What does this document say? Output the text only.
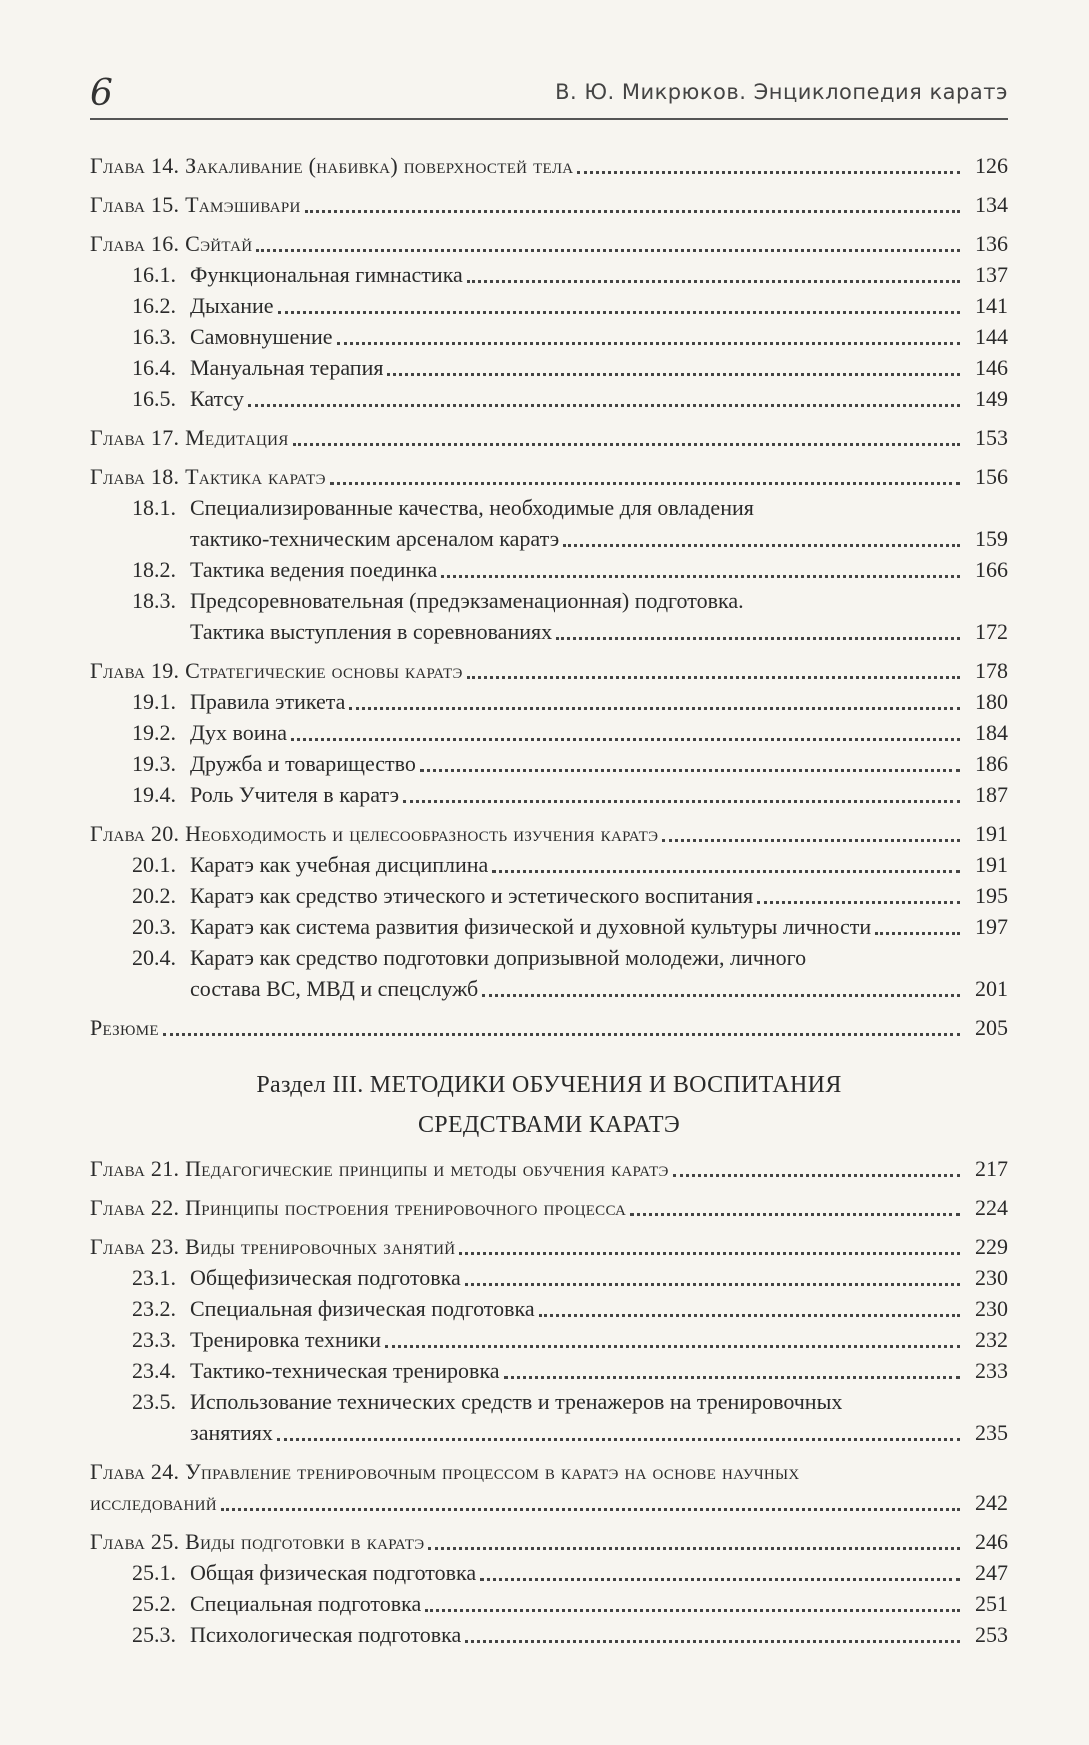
6	В. Ю. Микрюков. Энциклопедия каратэ
Глава 14. Закаливание (набивка) поверхностей тела	126
Глава 15. Тамэшивари	134
Глава 16. Сэйтай	136
16.1. Функциональная гимнастика	137
16.2. Дыхание	141
16.3. Самовнушение	144
16.4. Мануальная терапия	146
16.5. Катсу	149
Глава 17. Медитация	153
Глава 18. Тактика каратэ	156
18.1. Специализированные качества, необходимые для овладения
тактико-техническим арсеналом каратэ	159
18.2. Тактика ведения поединка	166
18.3. Предсоревновательная (предэкзаменационная) подготовка.
Тактика выступления в соревнованиях	172
Глава 19. Стратегические основы каратэ	178
19.1. Правила этикета	180
19.2. Дух воина	184
19.3. Дружба и товарищество	186
19.4. Роль Учителя в каратэ	187
Глава 20. Необходимость и целесообразность изучения каратэ	191
20.1. Каратэ как учебная дисциплина	191
20.2. Каратэ как средство этического и эстетического воспитания	195
20.3. Каратэ как система развития физической и духовной культуры личности	197
20.4. Каратэ как средство подготовки допризывной молодежи, личного
состава ВС, МВД и спецслужб	201
Резюме	205
Раздел III. МЕТОДИКИ ОБУЧЕНИЯ И ВОСПИТАНИЯ
СРЕДСТВАМИ КАРАТЭ
Глава 21. Педагогические принципы и методы обучения каратэ	217
Глава 22. Принципы построения тренировочного процесса	224
Глава 23. Виды тренировочных занятий	229
23.1. Общефизическая подготовка	230
23.2. Специальная физическая подготовка	230
23.3. Тренировка техники	232
23.4. Тактико-техническая тренировка	233
23.5. Использование технических средств и тренажеров на тренировочных
занятиях	235
Глава 24. Управление тренировочным процессом в каратэ на основе научных
исследований	242
Глава 25. Виды подготовки в каратэ	246
25.1. Общая физическая подготовка	247
25.2. Специальная подготовка	251
25.3. Психологическая подготовка	253
